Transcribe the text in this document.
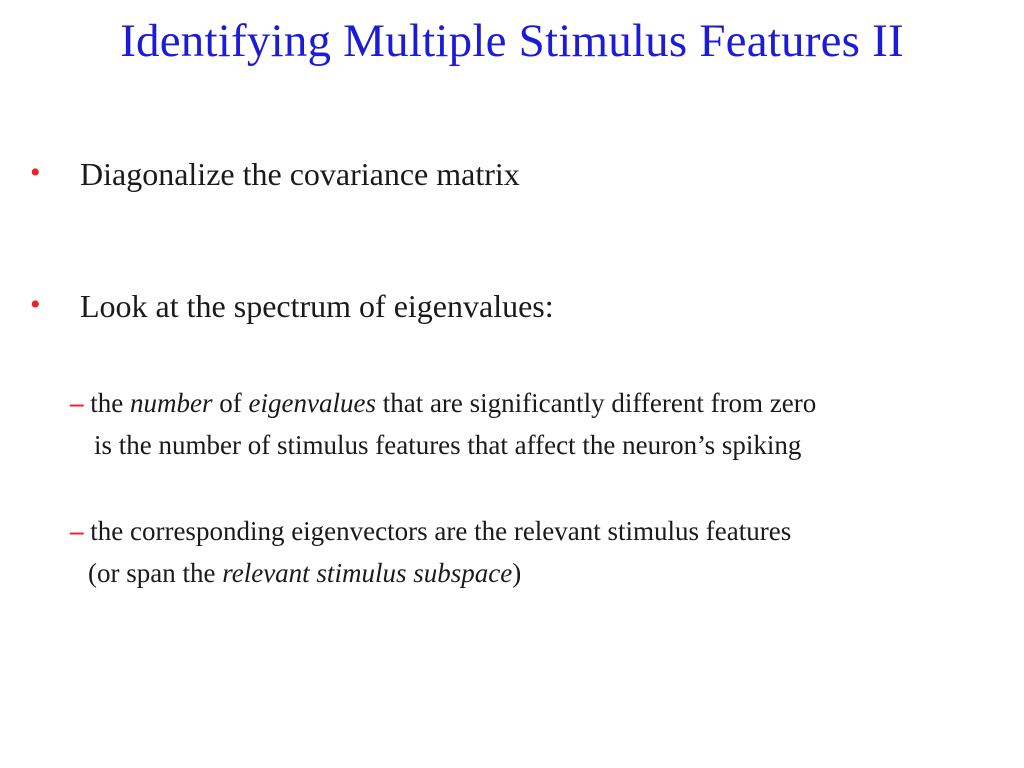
Identifying Multiple Stimulus Features II
• Diagonalize the covariance matrix
• Look at the spectrum of eigenvalues:
– the number of eigenvalues that are significantly different from zero
is the number of stimulus features that affect the neuron’s spiking
– the corresponding eigenvectors are the relevant stimulus features
(or span the relevant stimulus subspace)
